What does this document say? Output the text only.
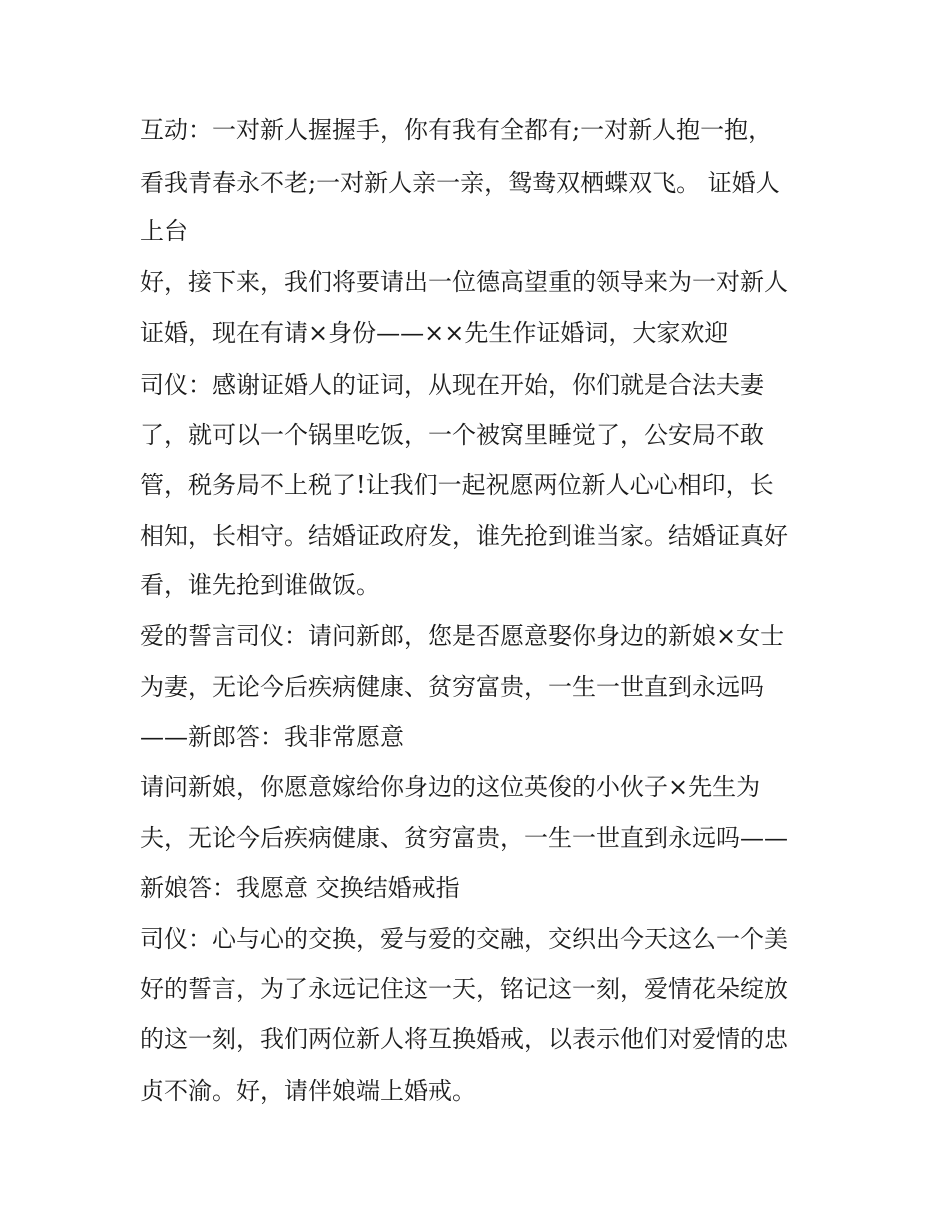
互动：一对新人握握手，你有我有全都有;一对新人抱一抱，
看我青春永不老;一对新人亲一亲，鸳鸯双栖蝶双飞。 证婚人
上台
好，接下来，我们将要请出一位德高望重的领导来为一对新人
证婚，现在有请×身份——××先生作证婚词，大家欢迎
司仪：感谢证婚人的证词，从现在开始，你们就是合法夫妻
了，就可以一个锅里吃饭，一个被窝里睡觉了，公安局不敢
管，税务局不上税了!让我们一起祝愿两位新人心心相印，长
相知，长相守。结婚证政府发，谁先抢到谁当家。结婚证真好
看，谁先抢到谁做饭。
爱的誓言司仪：请问新郎，您是否愿意娶你身边的新娘×女士
为妻，无论今后疾病健康、贫穷富贵，一生一世直到永远吗
——新郎答：我非常愿意
请问新娘，你愿意嫁给你身边的这位英俊的小伙子×先生为
夫，无论今后疾病健康、贫穷富贵，一生一世直到永远吗——
新娘答：我愿意 交换结婚戒指
司仪：心与心的交换，爱与爱的交融，交织出今天这么一个美
好的誓言，为了永远记住这一天，铭记这一刻，爱情花朵绽放
的这一刻，我们两位新人将互换婚戒，以表示他们对爱情的忠
贞不渝。好，请伴娘端上婚戒。
